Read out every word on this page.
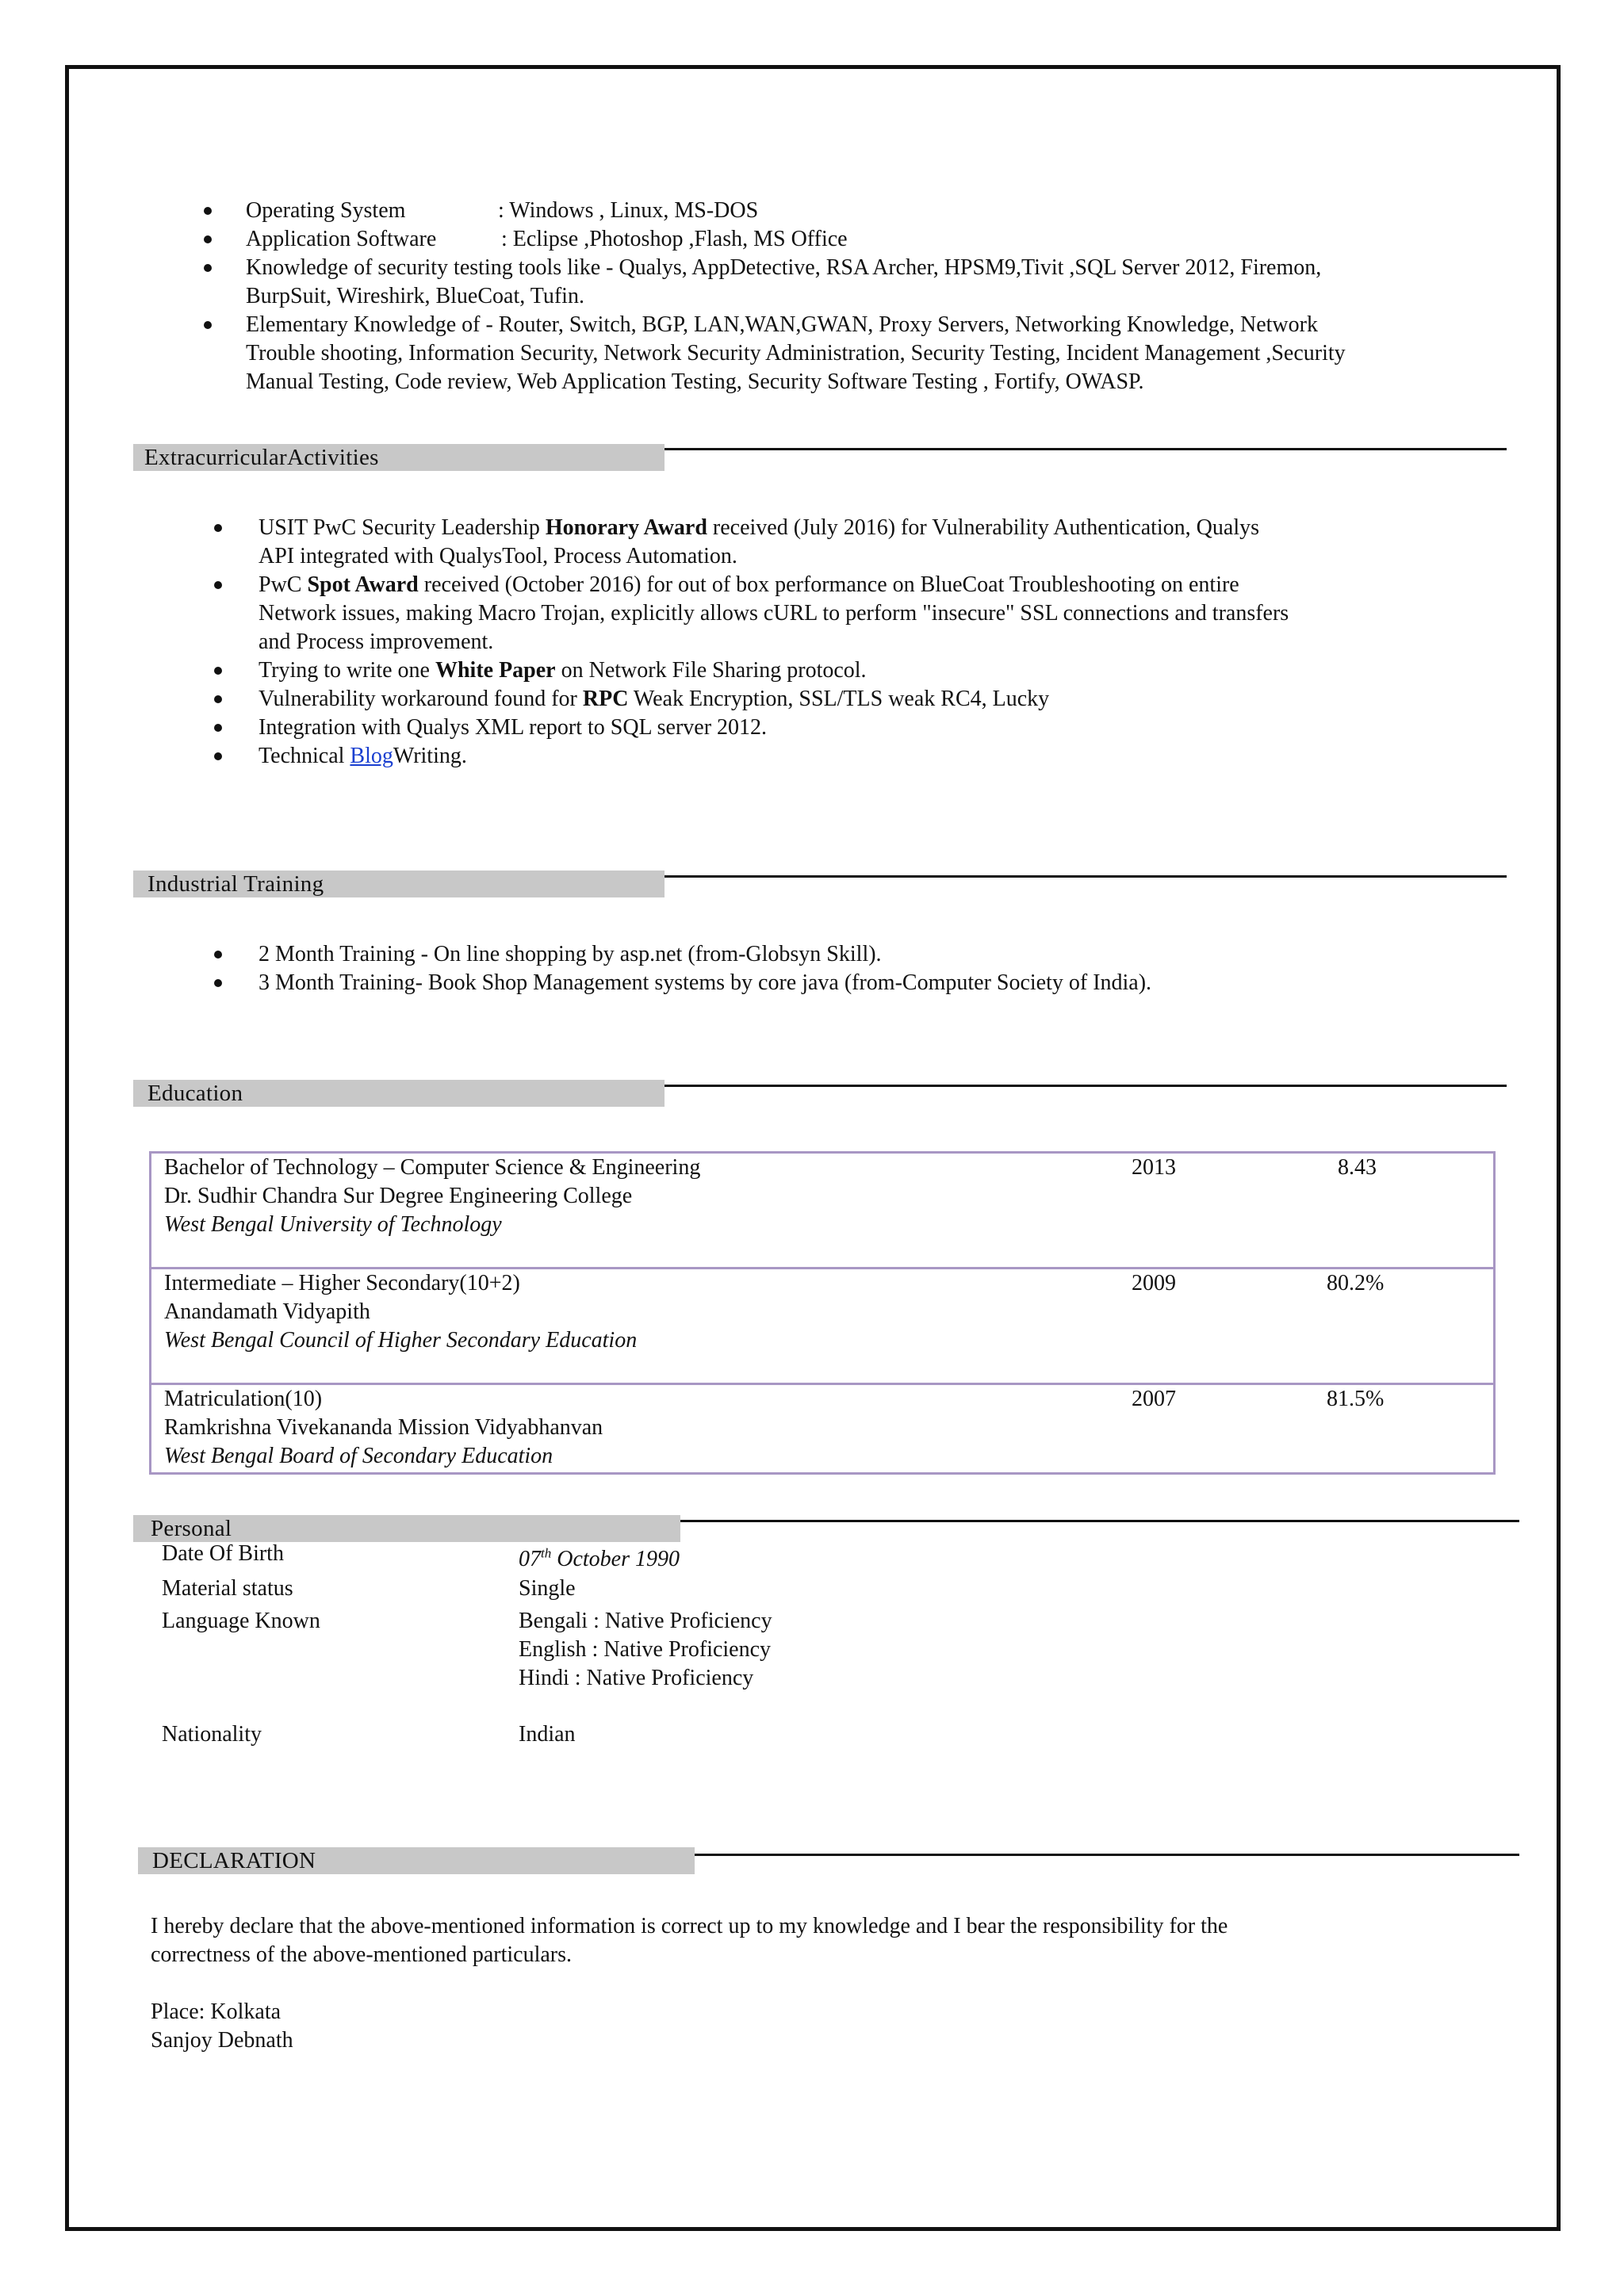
Operating System	: Windows , Linux, MS-DOS
Application Software	: Eclipse ,Photoshop ,Flash, MS Office
Knowledge of security testing tools like - Qualys, AppDetective, RSA Archer, HPSM9,Tivit ,SQL Server 2012, Firemon,
BurpSuit, Wireshirk, BlueCoat, Tufin.
Elementary Knowledge of - Router, Switch, BGP, LAN,WAN,GWAN, Proxy Servers, Networking Knowledge, Network
Trouble shooting, Information Security, Network Security Administration, Security Testing, Incident Management ,Security
Manual Testing, Code review, Web Application Testing, Security Software Testing , Fortify, OWASP.
ExtracurricularActivities
USIT PwC Security Leadership Honorary Award received (July 2016) for Vulnerability Authentication, Qualys
API integrated with QualysTool, Process Automation.
PwC Spot Award received (October 2016) for out of box performance on BlueCoat Troubleshooting on entire
Network issues, making Macro Trojan, explicitly allows cURL to perform "insecure" SSL connections and transfers
and Process improvement.
Trying to write one White Paper on Network File Sharing protocol.
Vulnerability workaround found for RPC Weak Encryption, SSL/TLS weak RC4, Lucky
Integration with Qualys XML report to SQL server 2012.
Technical BlogWriting.
Industrial Training
2 Month Training - On line shopping by asp.net (from-Globsyn Skill).
3 Month Training- Book Shop Management systems by core java (from-Computer Society of India).
Education
Bachelor of Technology – Computer Science & Engineering
Dr. Sudhir Chandra Sur Degree Engineering College
West Bengal University of Technology
2013	8.43
Intermediate – Higher Secondary(10+2)
Anandamath Vidyapith
West Bengal Council of Higher Secondary Education
2009	80.2%
Matriculation(10)
Ramkrishna Vivekananda Mission Vidyabhanvan
West Bengal Board of Secondary Education
2007	81.5%
Personal
Date Of Birth	07th October 1990
Material status	Single
Language Known	Bengali : Native Proficiency
English : Native Proficiency
Hindi : Native Proficiency
Nationality	Indian
DECLARATION
I hereby declare that the above-mentioned information is correct up to my knowledge and I bear the responsibility for the
correctness of the above-mentioned particulars.
Place: Kolkata
Sanjoy Debnath
